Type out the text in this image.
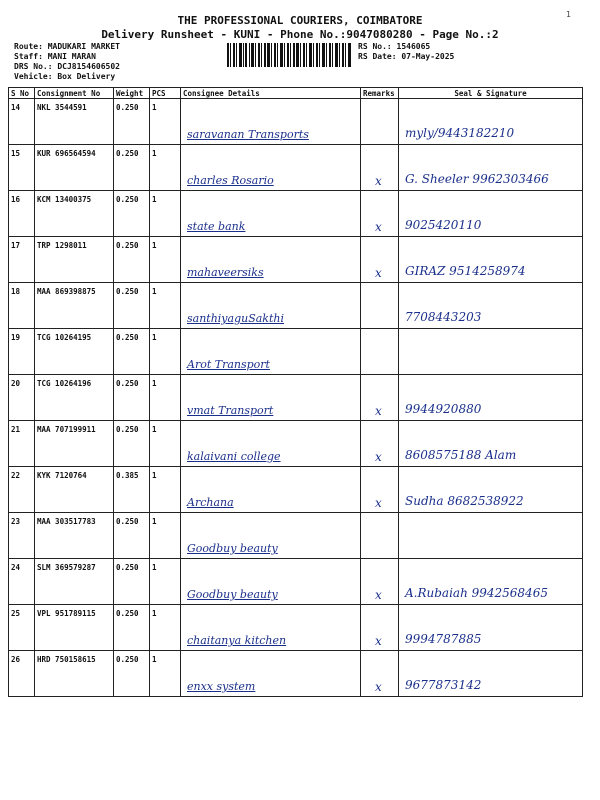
1
THE PROFESSIONAL COURIERS, COIMBATORE
Delivery Runsheet - KUNI - Phone No.:9047080280 - Page No.:2
Route: MADUKARI MARKET
Staff: MANI MARAN
DRS No.: DCJ8154606502
Vehicle: Box Delivery
RS No.: 1546065
RS Date: 07-May-2025
S No	Consignment No	Weight	PCS	Consignee Details	Remarks	Seal & Signature
14	NKL 3544591	0.250	1	saravanan Transports		myly/9443182210

15	KUR 696564594	0.250	1	charles Rosario	x	G. Sheeler 9962303466

16	KCM 13400375	0.250	1	state bank	x	9025420110

17	TRP 1298011	0.250	1	mahaveersiks	x	GIRAZ 9514258974

18	MAA 869398875	0.250	1	santhiyaguSakthi		7708443203

19	TCG 10264195	0.250	1	Arot Transport		

20	TCG 10264196	0.250	1	vmat Transport	x	9944920880

21	MAA 707199911	0.250	1	kalaivani college	x	8608575188 Alam

22	KYK 7120764	0.385	1	Archana	x	Sudha 8682538922

23	MAA 303517783	0.250	1	Goodbuy beauty		

24	SLM 369579287	0.250	1	Goodbuy beauty	x	A.Rubaiah 9942568465

25	VPL 951789115	0.250	1	chaitanya kitchen	x	9994787885

26	HRD 750158615	0.250	1	enxx system	x	9677873142
